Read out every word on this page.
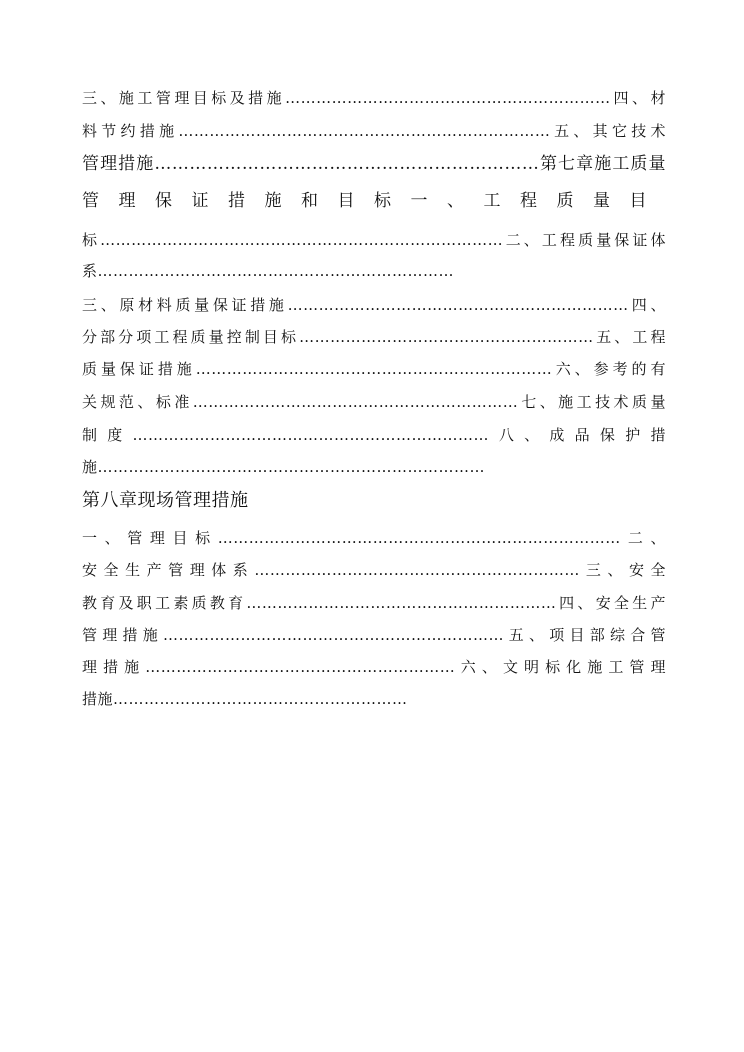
三、施工管理目标及措施………………………………………………………四、材
料节约措施………………………………………………………………五、其它技术
管理措施…………………………………………………………第七章施工质量
管理保证措施和目标一、工程质量目
标……………………………………………………………………二、工程质量保证体
系……………………………………………………………
三、原材料质量保证措施…………………………………………………………四、
分部分项工程质量控制目标…………………………………………………五、工程
质量保证措施……………………………………………………………六、参考的有
关规范、标准………………………………………………………七、施工技术质量
制度……………………………………………………………八、成品保护措
施…………………………………………………………………
第八章现场管理措施
一、管理目标……………………………………………………………………二、
安全生产管理体系………………………………………………………三、安全
教育及职工素质教育……………………………………………………四、安全生产
管理措施…………………………………………………………五、项目部综合管
理措施……………………………………………………六、文明标化施工管理
措施…………………………………………………
